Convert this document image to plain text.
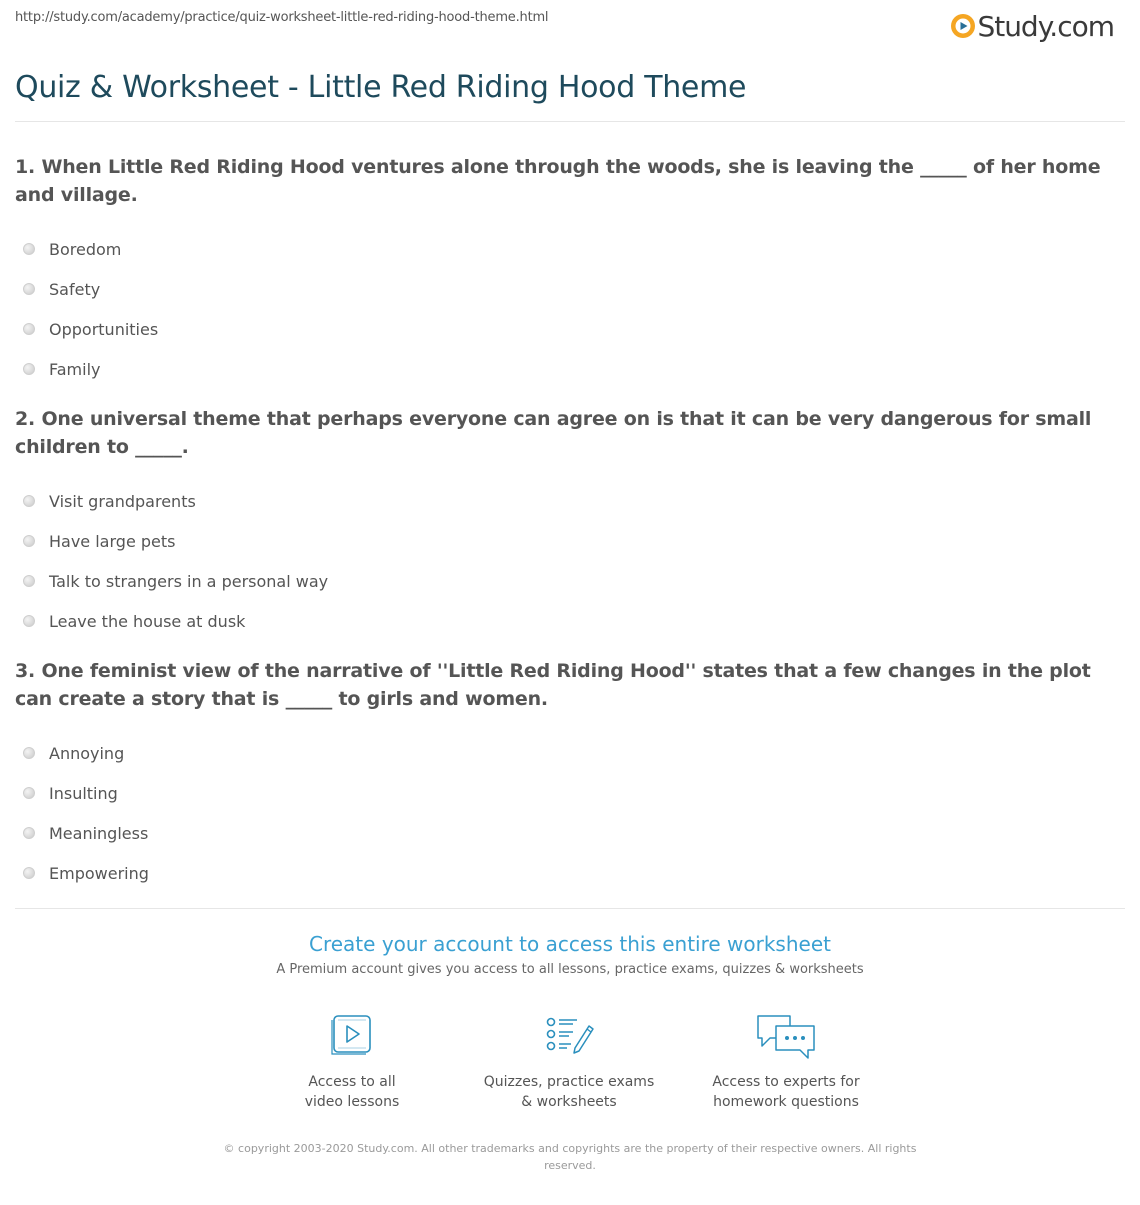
http://study.com/academy/practice/quiz-worksheet-little-red-riding-hood-theme.html	Study.com
Quiz & Worksheet - Little Red Riding Hood Theme

1. When Little Red Riding Hood ventures alone through the woods, she is leaving the _____ of her home and village.

Boredom
Safety
Opportunities
Family

2. One universal theme that perhaps everyone can agree on is that it can be very dangerous for small children to _____.

Visit grandparents
Have large pets
Talk to strangers in a personal way
Leave the house at dusk

3. One feminist view of the narrative of ''Little Red Riding Hood'' states that a few changes in the plot can create a story that is _____ to girls and women.

Annoying
Insulting
Meaningless
Empowering

Create your account to access this entire worksheet

A Premium account gives you access to all lessons, practice exams, quizzes & worksheets
Access to all
video lessons
Quizzes, practice exams
& worksheets
Access to experts for
homework questions
© copyright 2003-2020 Study.com. All other trademarks and copyrights are the property of their respective owners. All rights
reserved.
